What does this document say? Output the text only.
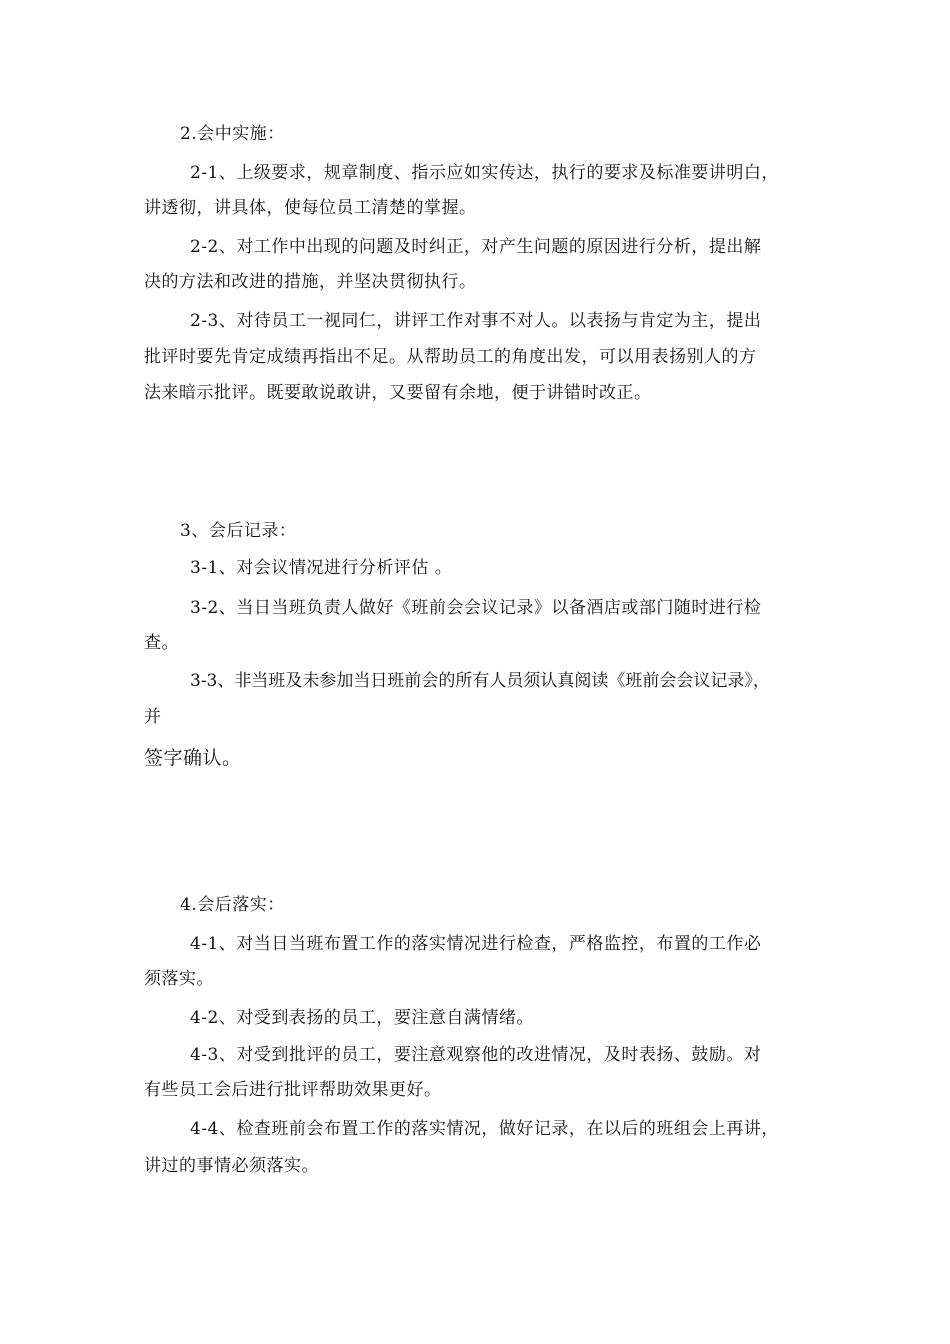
2.会中实施：
2-1、上级要求，规章制度、指示应如实传达，执行的要求及标准要讲明白，
讲透彻，讲具体，使每位员工清楚的掌握。
2-2、对工作中出现的问题及时纠正，对产生问题的原因进行分析，提出解
决的方法和改进的措施，并坚决贯彻执行。
2-3、对待员工一视同仁，讲评工作对事不对人。以表扬与肯定为主，提出
批评时要先肯定成绩再指出不足。从帮助员工的角度出发，可以用表扬别人的方
法来暗示批评。既要敢说敢讲，又要留有余地，便于讲错时改正。
3、会后记录：
3-1、对会议情况进行分析评估 。
3-2、当日当班负责人做好《班前会会议记录》以备酒店或部门随时进行检
查。
3-3、非当班及未参加当日班前会的所有人员须认真阅读《班前会会议记录》，
并
签字确认。
4.会后落实：
4-1、对当日当班布置工作的落实情况进行检查，严格监控，布置的工作必
须落实。
4-2、对受到表扬的员工，要注意自满情绪。
4-3、对受到批评的员工，要注意观察他的改进情况，及时表扬、鼓励。对
有些员工会后进行批评帮助效果更好。
4-4、检查班前会布置工作的落实情况，做好记录，在以后的班组会上再讲，
讲过的事情必须落实。
